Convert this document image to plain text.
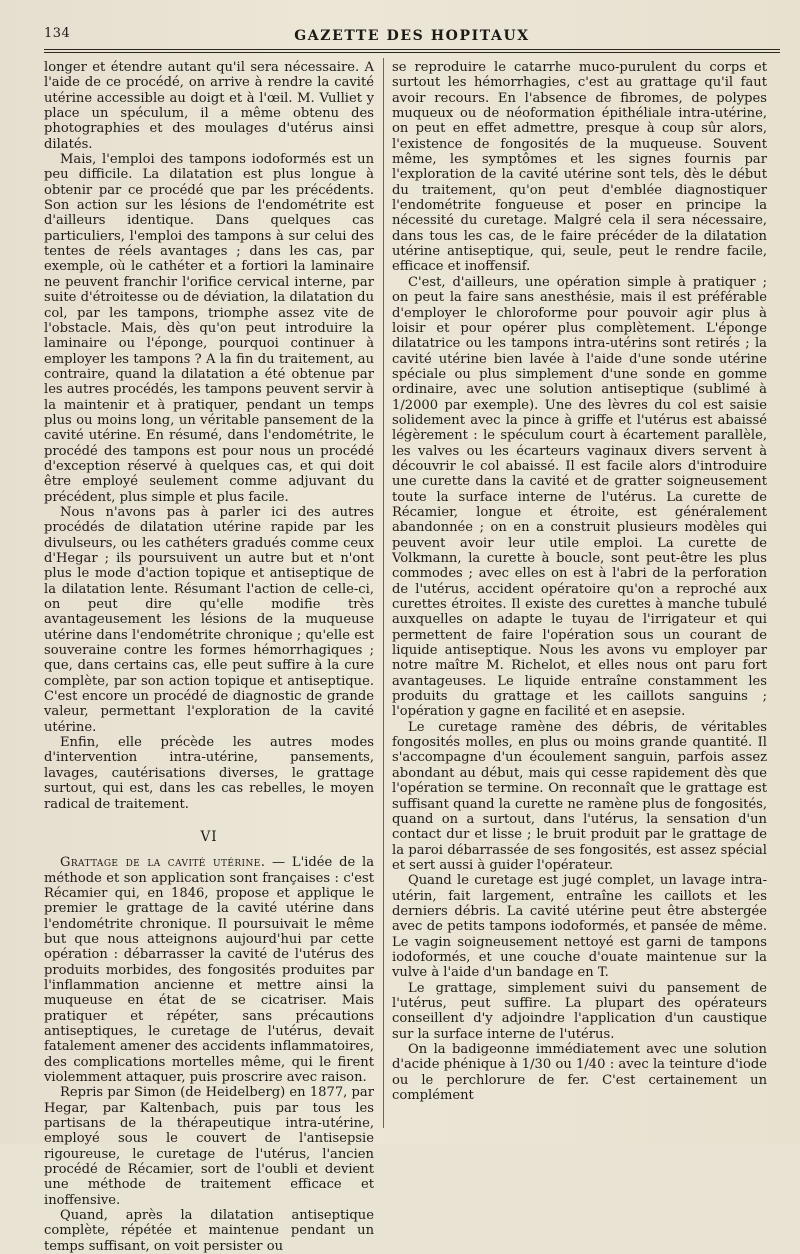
134	GAZETTE DES HOPITAUX

longer et étendre autant qu'il sera nécessaire. A l'aide de ce procédé, on arrive à rendre la cavité utérine accessible au doigt et à l'œil. M. Vulliet y place un spéculum, il a même obtenu des photographies et des moulages d'utérus ainsi dilatés.

Mais, l'emploi des tampons iodoformés est un peu difficile. La dilatation est plus longue à obtenir par ce procédé que par les précédents. Son action sur les lésions de l'endométrite est d'ailleurs identique. Dans quelques cas particuliers, l'emploi des tampons à sur celui des tentes de réels avantages ; dans les cas, par exemple, où le cathéter et a fortiori la laminaire ne peuvent franchir l'orifice cervical interne, par suite d'étroitesse ou de déviation, la dilatation du col, par les tampons, triomphe assez vite de l'obstacle. Mais, dès qu'on peut introduire la laminaire ou l'éponge, pourquoi continuer à employer les tampons ? A la fin du traitement, au contraire, quand la dilatation a été obtenue par les autres procédés, les tampons peuvent servir à la maintenir et à pratiquer, pendant un temps plus ou moins long, un véritable pansement de la cavité utérine. En résumé, dans l'endométrite, le procédé des tampons est pour nous un procédé d'exception réservé à quelques cas, et qui doit être employé seulement comme adjuvant du précédent, plus simple et plus facile.

Nous n'avons pas à parler ici des autres procédés de dilatation utérine rapide par les divulseurs, ou les cathéters gradués comme ceux d'Hegar ; ils poursuivent un autre but et n'ont plus le mode d'action topique et antiseptique de la dilatation lente. Résumant l'action de celle-ci, on peut dire qu'elle modifie très avantageusement les lésions de la muqueuse utérine dans l'endométrite chronique ; qu'elle est souveraine contre les formes hémorrhagiques ; que, dans certains cas, elle peut suffire à la cure complète, par son action topique et antiseptique. C'est encore un procédé de diagnostic de grande valeur, permettant l'exploration de la cavité utérine.

Enfin, elle précède les autres modes d'intervention intra-utérine, pansements, lavages, cautérisations diverses, le grattage surtout, qui est, dans les cas rebelles, le moyen radical de traitement.

VI

Grattage de la cavité utérine. — L'idée de la méthode et son application sont françaises : c'est Récamier qui, en 1846, propose et applique le premier le grattage de la cavité utérine dans l'endométrite chronique. Il poursuivait le même but que nous atteignons aujourd'hui par cette opération : débarrasser la cavité de l'utérus des produits morbides, des fongosités produites par l'inflammation ancienne et mettre ainsi la muqueuse en état de se cicatriser. Mais pratiquer et répéter, sans précautions antiseptiques, le curetage de l'utérus, devait fatalement amener des accidents inflammatoires, des complications mortelles même, qui le firent violemment attaquer, puis proscrire avec raison.

Repris par Simon (de Heidelberg) en 1877, par Hegar, par Kaltenbach, puis par tous les partisans de la thérapeutique intra-utérine, employé sous le couvert de l'antisepsie rigoureuse, le curetage de l'utérus, l'ancien procédé de Récamier, sort de l'oubli et devient une méthode de traitement efficace et inoffensive.

Quand, après la dilatation antiseptique complète, répétée et maintenue pendant un temps suffisant, on voit persister ou

se reproduire le catarrhe muco-purulent du corps et surtout les hémorrhagies, c'est au grattage qu'il faut avoir recours. En l'absence de fibromes, de polypes muqueux ou de néoformation épithéliale intra-utérine, on peut en effet admettre, presque à coup sûr alors, l'existence de fongosités de la muqueuse. Souvent même, les symptômes et les signes fournis par l'exploration de la cavité utérine sont tels, dès le début du traitement, qu'on peut d'emblée diagnostiquer l'endométrite fongueuse et poser en principe la nécessité du curetage. Malgré cela il sera nécessaire, dans tous les cas, de le faire précéder de la dilatation utérine antiseptique, qui, seule, peut le rendre facile, efficace et inoffensif.

C'est, d'ailleurs, une opération simple à pratiquer ; on peut la faire sans anesthésie, mais il est préférable d'employer le chloroforme pour pouvoir agir plus à loisir et pour opérer plus complètement. L'éponge dilatatrice ou les tampons intra-utérins sont retirés ; la cavité utérine bien lavée à l'aide d'une sonde utérine spéciale ou plus simplement d'une sonde en gomme ordinaire, avec une solution antiseptique (sublimé à 1/2000 par exemple). Une des lèvres du col est saisie solidement avec la pince à griffe et l'utérus est abaissé légèrement : le spéculum court à écartement parallèle, les valves ou les écarteurs vaginaux divers servent à découvrir le col abaissé. Il est facile alors d'introduire une curette dans la cavité et de gratter soigneusement toute la surface interne de l'utérus. La curette de Récamier, longue et étroite, est généralement abandonnée ; on en a construit plusieurs modèles qui peuvent avoir leur utile emploi. La curette de Volkmann, la curette à boucle, sont peut-être les plus commodes ; avec elles on est à l'abri de la perforation de l'utérus, accident opératoire qu'on a reproché aux curettes étroites. Il existe des curettes à manche tubulé auxquelles on adapte le tuyau de l'irrigateur et qui permettent de faire l'opération sous un courant de liquide antiseptique. Nous les avons vu employer par notre maître M. Richelot, et elles nous ont paru fort avantageuses. Le liquide entraîne constamment les produits du grattage et les caillots sanguins ; l'opération y gagne en facilité et en asepsie.

Le curetage ramène des débris, de véritables fongosités molles, en plus ou moins grande quantité. Il s'accompagne d'un écoulement sanguin, parfois assez abondant au début, mais qui cesse rapidement dès que l'opération se termine. On reconnaît que le grattage est suffisant quand la curette ne ramène plus de fongosités, quand on a surtout, dans l'utérus, la sensation d'un contact dur et lisse ; le bruit produit par le grattage de la paroi débarrassée de ses fongosités, est assez spécial et sert aussi à guider l'opérateur.

Quand le curetage est jugé complet, un lavage intra-utérin, fait largement, entraîne les caillots et les derniers débris. La cavité utérine peut être abstergée avec de petits tampons iodoformés, et pansée de même. Le vagin soigneusement nettoyé est garni de tampons iodoformés, et une couche d'ouate maintenue sur la vulve à l'aide d'un bandage en T.

Le grattage, simplement suivi du pansement de l'utérus, peut suffire. La plupart des opérateurs conseillent d'y adjoindre l'application d'un caustique sur la surface interne de l'utérus.

On la badigeonne immédiatement avec une solution d'acide phénique à 1/30 ou 1/40 : avec la teinture d'iode ou le perchlorure de fer. C'est certainement un complément
